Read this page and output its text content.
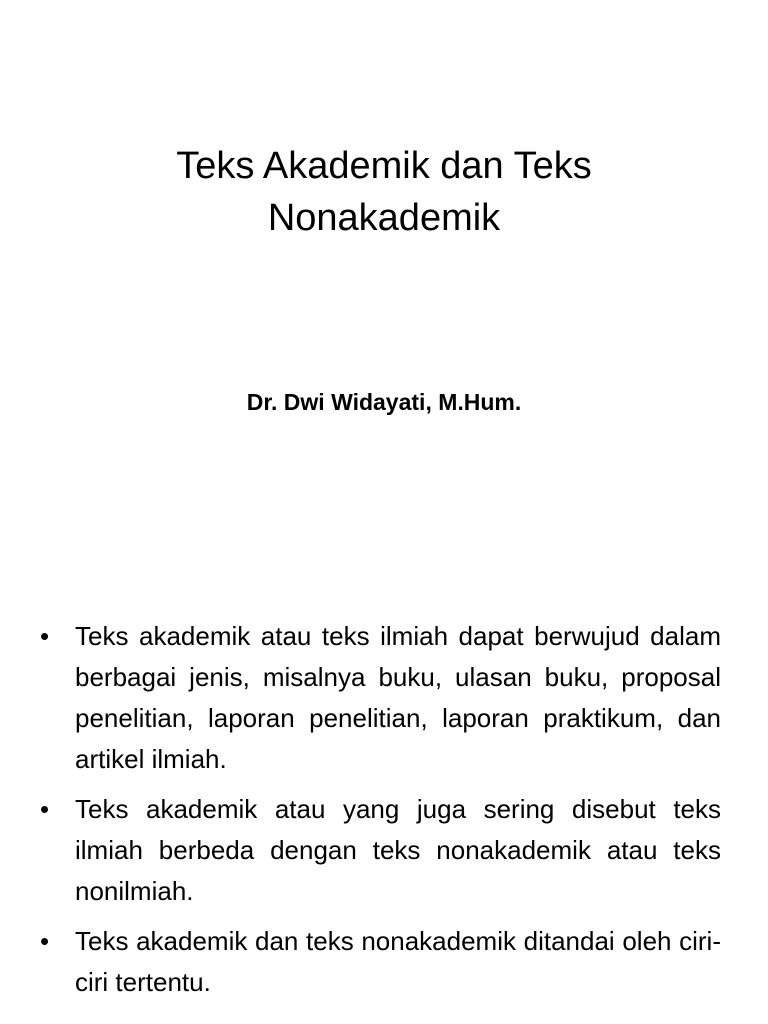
Teks Akademik dan Teks Nonakademik

Dr. Dwi Widayati, M.Hum.

• Teks akademik atau teks ilmiah dapat berwujud dalam berbagai jenis, misalnya buku, ulasan buku, proposal penelitian, laporan penelitian, laporan praktikum, dan artikel ilmiah.
• Teks akademik atau yang juga sering disebut teks ilmiah berbeda dengan teks nonakademik atau teks nonilmiah.
• Teks akademik dan teks nonakademik ditandai oleh ciri-ciri tertentu.
